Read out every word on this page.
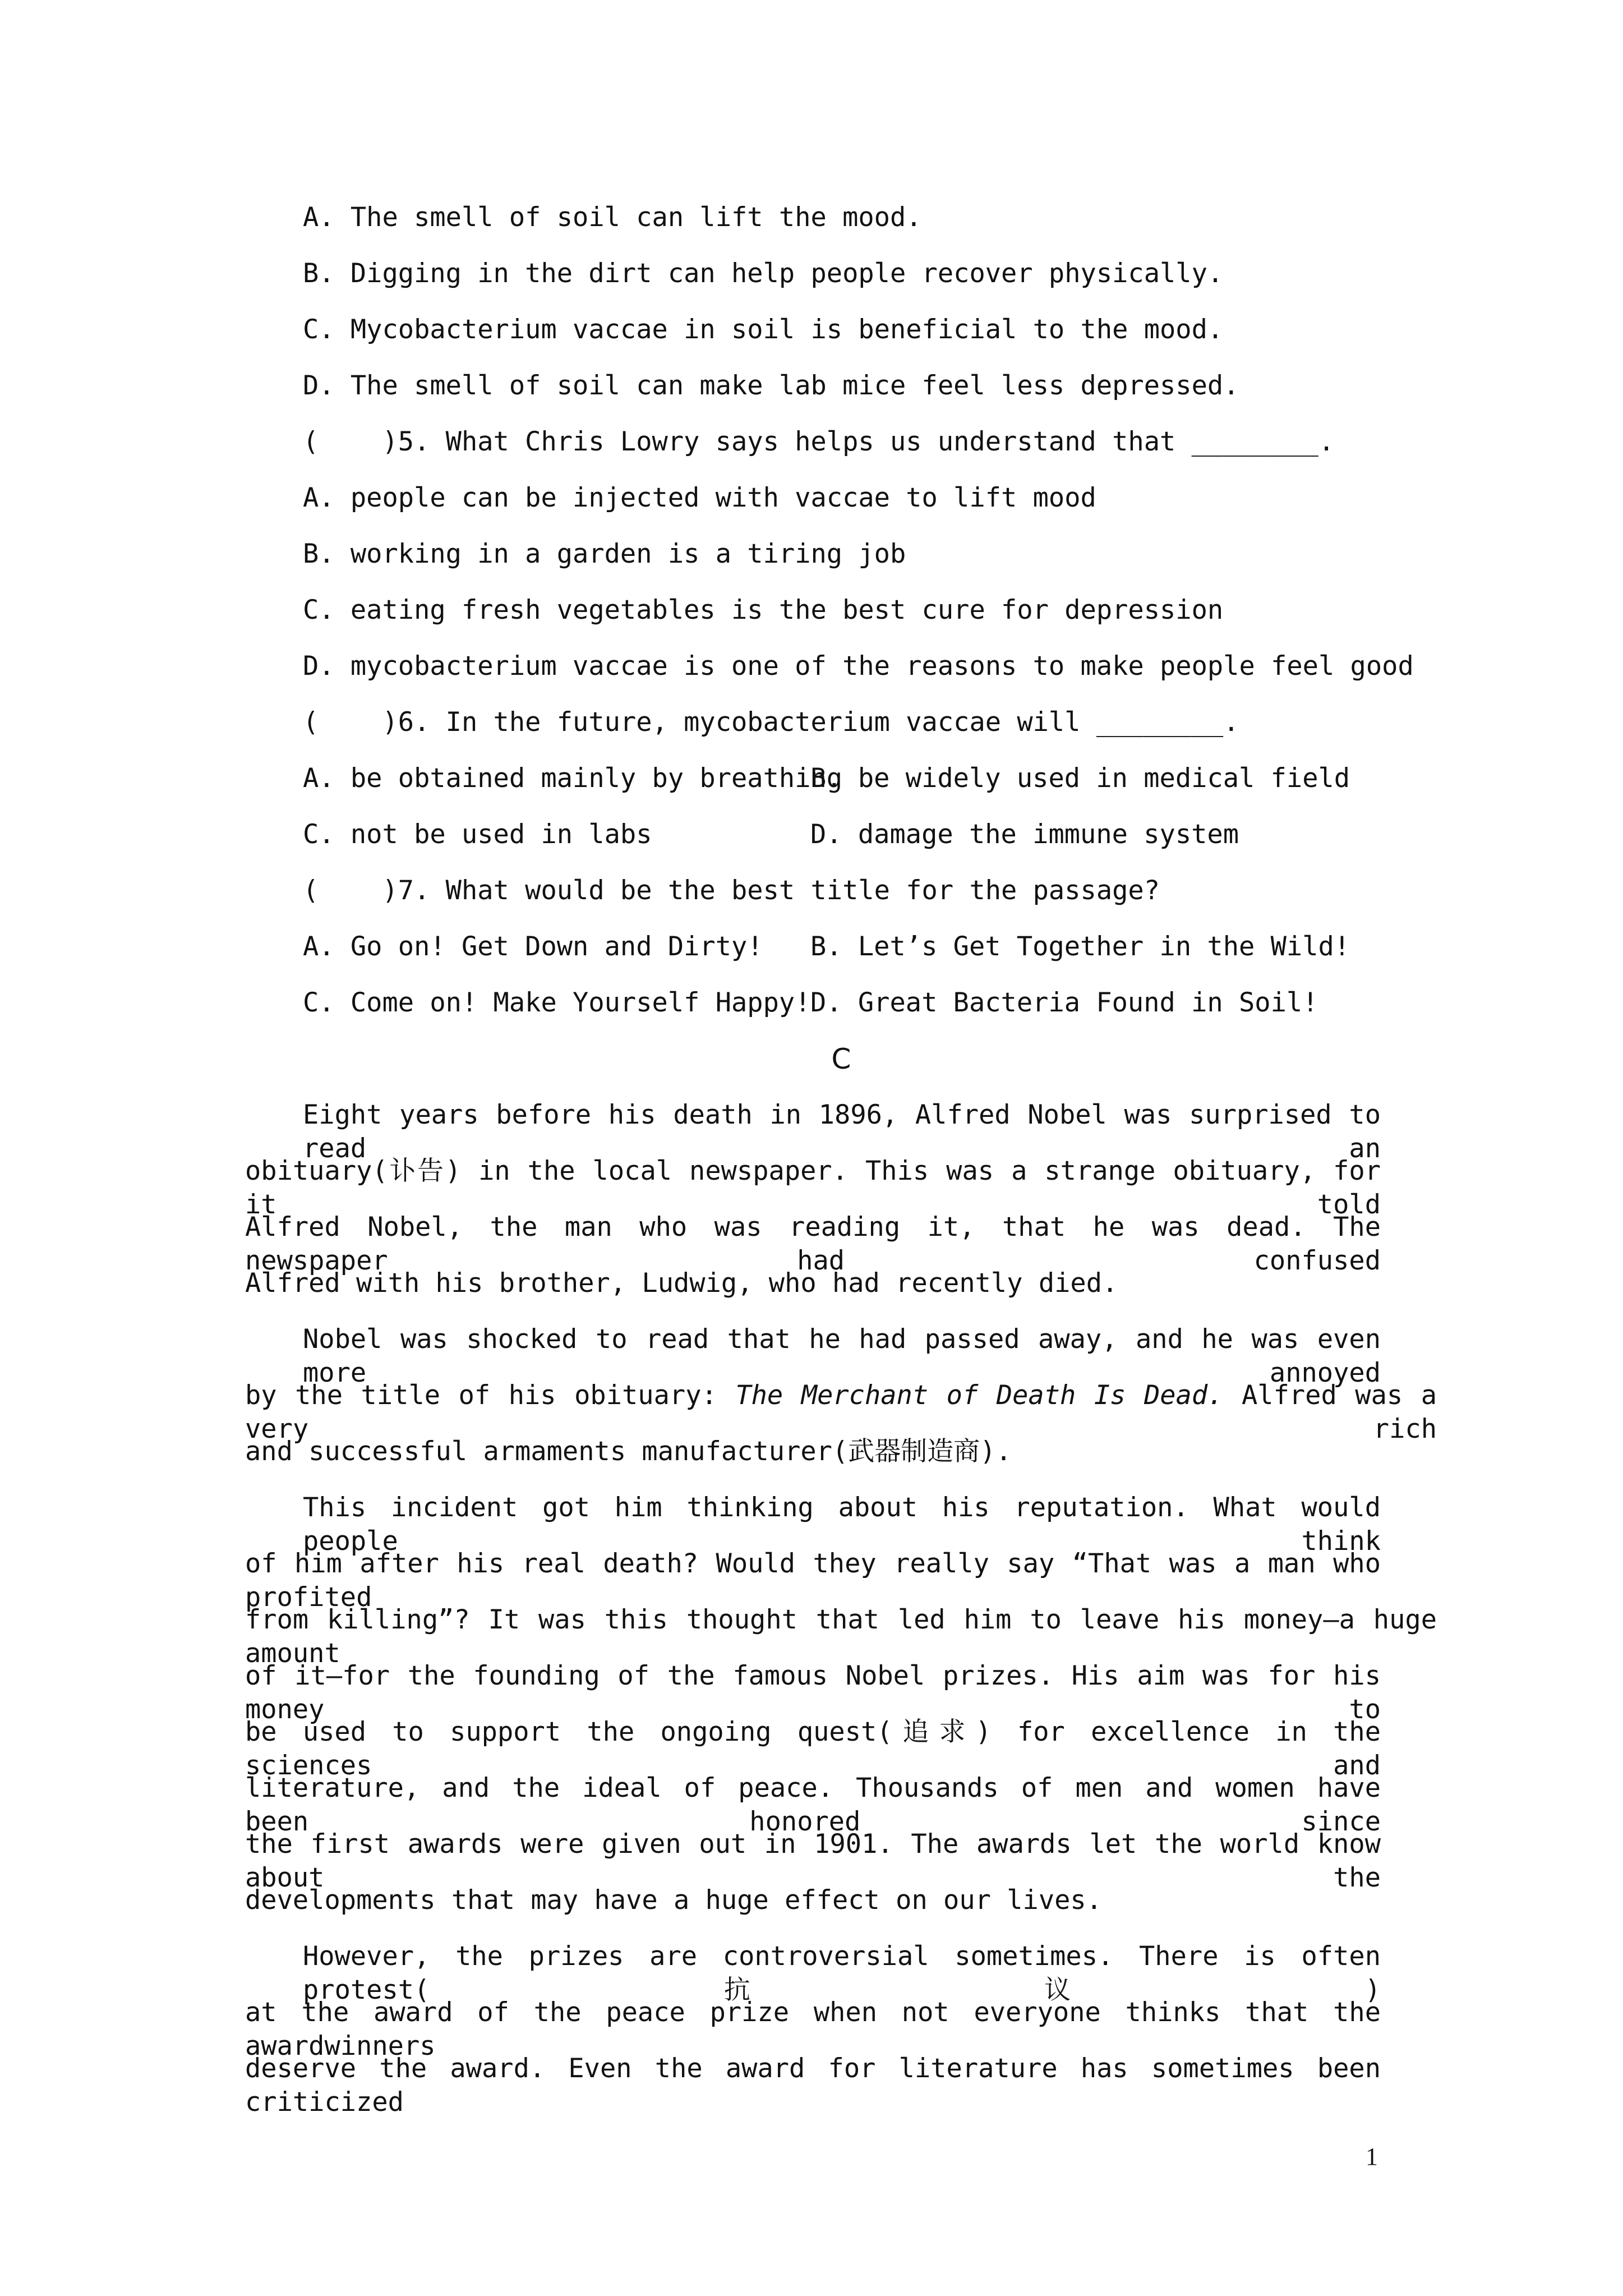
A. The smell of soil can lift the mood.
B. Digging in the dirt can help people recover physically.
C. Mycobacterium vaccae in soil is beneficial to the mood.
D. The smell of soil can make lab mice feel less depressed.
(    )5. What Chris Lowry says helps us understand that ________.
A. people can be injected with vaccae to lift mood
B. working in a garden is a tiring job
C. eating fresh vegetables is the best cure for depression
D. mycobacterium vaccae is one of the reasons to make people feel good
(    )6. In the future, mycobacterium vaccae will ________.
A. be obtained mainly by breathing
B. be widely used in medical field
C. not be used in labs	D. damage the immune system
(    )7. What would be the best title for the passage?
A. Go on! Get Down and Dirty! B. Let’s Get Together in the Wild!
C. Come on! Make Yourself Happy! D. Great Bacteria Found in Soil!
C
Eight years before his death in 1896, Alfred Nobel was surprised to read an
obituary(讣告) in the local newspaper. This was a strange obituary, for it told
Alfred Nobel, the man who was reading it, that he was dead. The newspaper had confused
Alfred with his brother, Ludwig, who had recently died.
Nobel was shocked to read that he had passed away, and he was even more annoyed
by the title of his obituary: The Merchant of Death Is Dead. Alfred was a very rich
and successful armaments manufacturer(武器制造商).
This incident got him thinking about his reputation. What would people think
of him after his real death? Would they really say “That was a man who profited
from killing”? It was this thought that led him to leave his money—a huge amount
of it—for the founding of the famous Nobel prizes. His aim was for his money to
be used to support the ongoing quest(追求) for excellence in the sciences and
literature, and the ideal of peace. Thousands of men and women have been honored since
the first awards were given out in 1901. The awards let the world know about the
developments that may have a huge effect on our lives.
However, the prizes are controversial sometimes. There is often protest(抗议)
at the award of the peace prize when not everyone thinks that the awardwinners
deserve the award. Even the award for literature has sometimes been criticized
1
